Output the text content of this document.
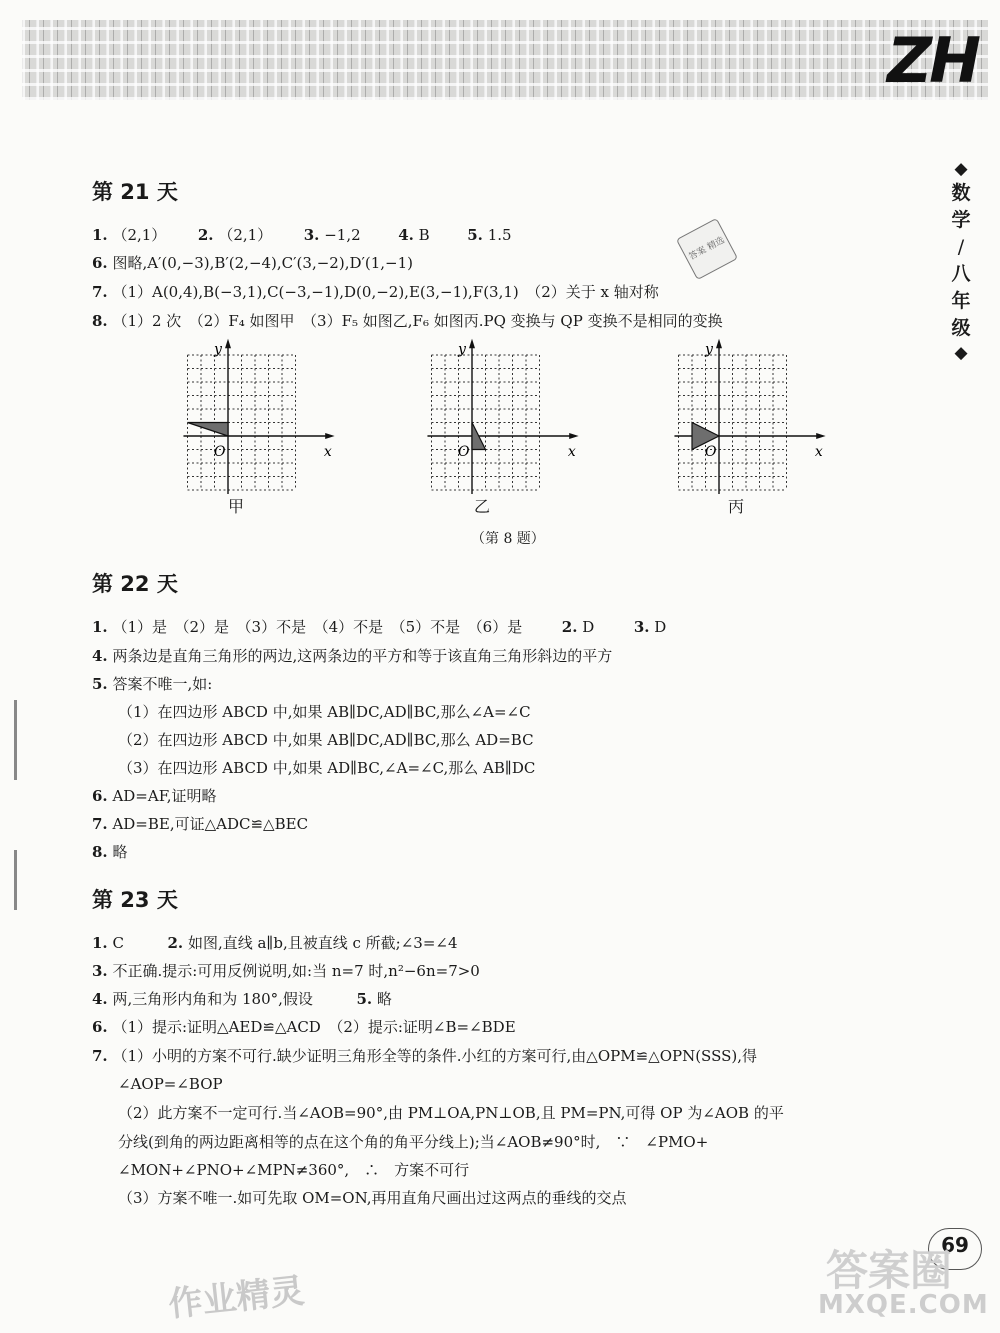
ZH
◆
数
学
/
八
年
级
◆
第 21 天
1. （2,1） 2. （2,1） 3. −1,2	4. B	5. 1.5
6. 图略,A′(0,−3),B′(2,−4),C′(3,−2),D′(1,−1)
7. （1）A(0,4),B(−3,1),C(−3,−1),D(0,−2),E(3,−1),F(3,1)　（2）关于 x 轴对称
8. （1）2 次　（2）F₄ 如图甲　（3）F₅ 如图乙,F₆ 如图丙.PQ 变换与 QP 变换不是相同的变换
答案 精选
x
y
O	x
y
O	x
y
O
甲	乙	丙
（第 8 题）
第 22 天
1. （1）是　（2）是　（3）不是　（4）不是　（5）不是　（6）是	2. D	3. D
4. 两条边是直角三角形的两边,这两条边的平方和等于该直角三角形斜边的平方
5. 答案不唯一,如:
（1）在四边形 ABCD 中,如果 AB∥DC,AD∥BC,那么∠A=∠C
（2）在四边形 ABCD 中,如果 AB∥DC,AD∥BC,那么 AD=BC
（3）在四边形 ABCD 中,如果 AD∥BC,∠A=∠C,那么 AB∥DC
6. AD=AF,证明略
7. AD=BE,可证△ADC≌△BEC
8. 略
第 23 天
1. C	2. 如图,直线 a∥b,且被直线 c 所截;∠3=∠4
3. 不正确.提示:可用反例说明,如:当 n=7 时,n²−6n=7>0
4. 两,三角形内角和为 180°,假设	5. 略
6. （1）提示:证明△AED≌△ACD　（2）提示:证明∠B=∠BDE
7. （1）小明的方案不可行.缺少证明三角形全等的条件.小红的方案可行,由△OPM≌△OPN(SSS),得
∠AOP=∠BOP
（2）此方案不一定可行.当∠AOB=90°,由 PM⊥OA,PN⊥OB,且 PM=PN,可得 OP 为∠AOB 的平
分线(到角的两边距离相等的点在这个角的角平分线上);当∠AOB≠90°时,　∵　∠PMO+
∠MON+∠PNO+∠MPN≠360°,　∴　方案不可行
（3）方案不唯一.如可先取 OM=ON,再用直角尺画出过这两点的垂线的交点
69
作业精灵
答案圈
MXQE.COM
